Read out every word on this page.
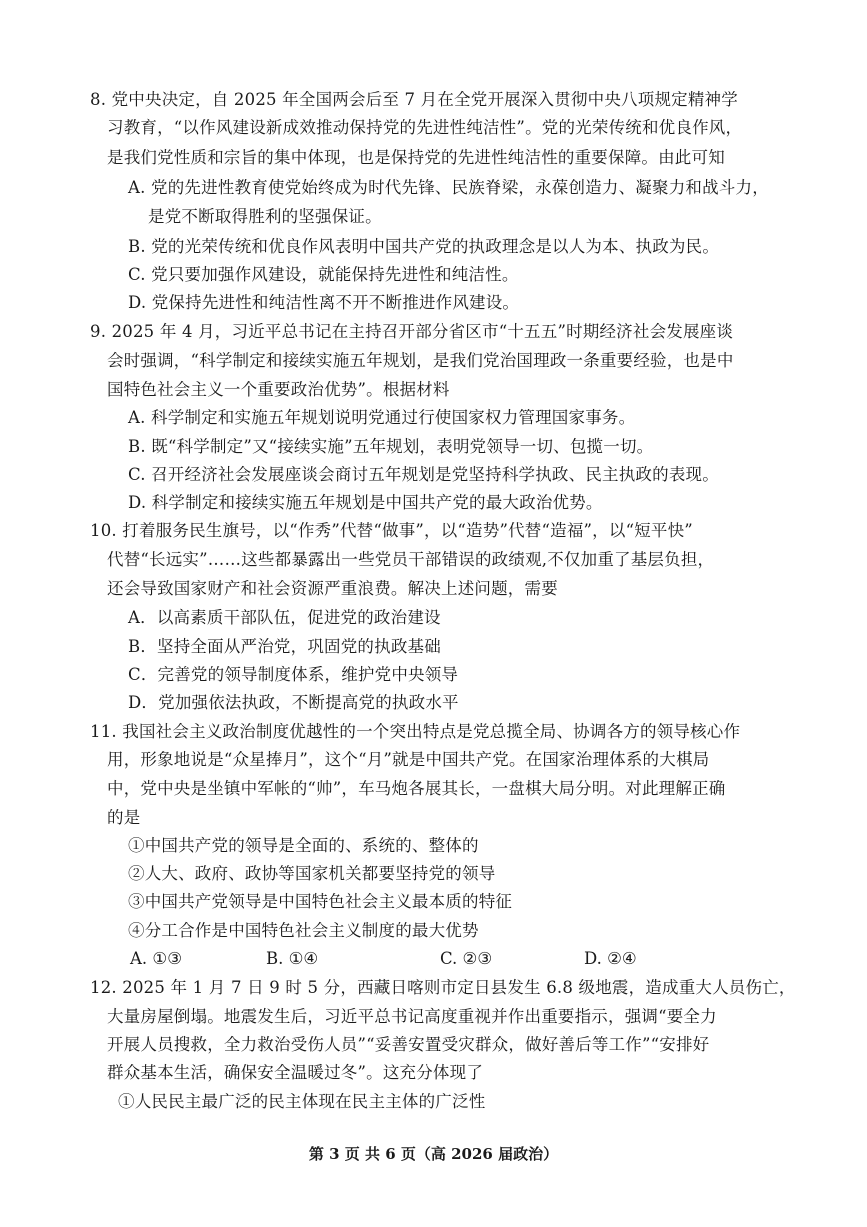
8. 党中央决定，自 2025 年全国两会后至 7 月在全党开展深入贯彻中央八项规定精神学
习教育，“以作风建设新成效推动保持党的先进性纯洁性”。党的光荣传统和优良作风，
是我们党性质和宗旨的集中体现，也是保持党的先进性纯洁性的重要保障。由此可知
A. 党的先进性教育使党始终成为时代先锋、民族脊梁，永葆创造力、凝聚力和战斗力，
是党不断取得胜利的坚强保证。
B. 党的光荣传统和优良作风表明中国共产党的执政理念是以人为本、执政为民。
C. 党只要加强作风建设，就能保持先进性和纯洁性。
D. 党保持先进性和纯洁性离不开不断推进作风建设。
9. 2025 年 4 月，习近平总书记在主持召开部分省区市“十五五”时期经济社会发展座谈
会时强调，“科学制定和接续实施五年规划，是我们党治国理政一条重要经验，也是中
国特色社会主义一个重要政治优势”。根据材料
A. 科学制定和实施五年规划说明党通过行使国家权力管理国家事务。
B. 既“科学制定”又“接续实施”五年规划，表明党领导一切、包揽一切。
C. 召开经济社会发展座谈会商讨五年规划是党坚持科学执政、民主执政的表现。
D. 科学制定和接续实施五年规划是中国共产党的最大政治优势。
10. 打着服务民生旗号，以“作秀”代替“做事”，以“造势”代替“造福”，以“短平快”
代替“长远实”……这些都暴露出一些党员干部错误的政绩观,不仅加重了基层负担，
还会导致国家财产和社会资源严重浪费。解决上述问题，需要
A．以高素质干部队伍，促进党的政治建设
B．坚持全面从严治党，巩固党的执政基础
C．完善党的领导制度体系，维护党中央领导
D．党加强依法执政，不断提高党的执政水平
11. 我国社会主义政治制度优越性的一个突出特点是党总揽全局、协调各方的领导核心作
用，形象地说是“众星捧月”，这个“月”就是中国共产党。在国家治理体系的大棋局
中，党中央是坐镇中军帐的“帅”，车马炮各展其长，一盘棋大局分明。对此理解正确
的是
①中国共产党的领导是全面的、系统的、整体的
②人大、政府、政协等国家机关都要坚持党的领导
③中国共产党领导是中国特色社会主义最本质的特征
④分工合作是中国特色社会主义制度的最大优势
A. ①③	B. ①④	C. ②③	D. ②④
12. 2025 年 1 月 7 日 9 时 5 分，西藏日喀则市定日县发生 6.8 级地震，造成重大人员伤亡，
大量房屋倒塌。地震发生后，习近平总书记高度重视并作出重要指示，强调“要全力
开展人员搜救，全力救治受伤人员”“妥善安置受灾群众，做好善后等工作”“安排好
群众基本生活，确保安全温暖过冬”。这充分体现了
①人民民主最广泛的民主体现在民主主体的广泛性
第 3 页 共 6 页（高 2026 届政治）
